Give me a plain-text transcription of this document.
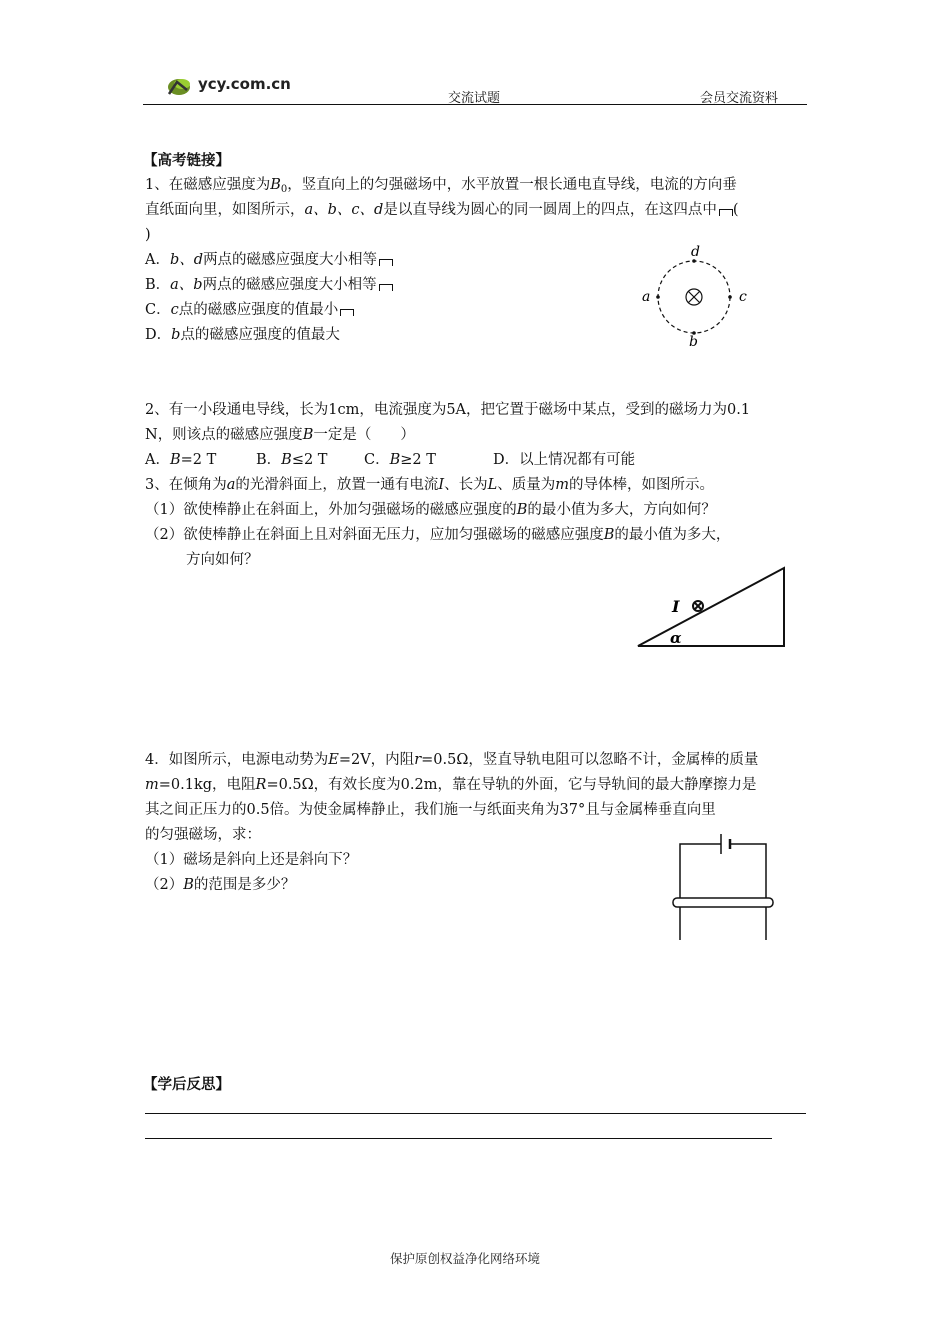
ycy.com.cn
交流试题	会员交流资料
【高考链接】
1、在磁感应强度为$B_0$，竖直向上的匀强磁场中，水平放置一根长通电直导线，电流的方向垂
直纸面向里，如图所示，a、b、c、d是以直导线为圆心的同一圆周上的四点，在这四点中 (
)
A．b、d两点的磁感应强度大小相等
B．a、b两点的磁感应强度大小相等
C．c点的磁感应强度的值最小
D．b点的磁感应强度的值最大
d
b
a	c
2、有一小段通电导线，长为1cm，电流强度为5A，把它置于磁场中某点，受到的磁场力为0.1
N，则该点的磁感应强度B一定是（　　）
A．B=2 T	B．B≤2 T	C．B≥2 T	D．以上情况都有可能
3、在倾角为a的光滑斜面上，放置一通有电流I、长为L、质量为m的导体棒，如图所示。
（1）欲使棒静止在斜面上，外加匀强磁场的磁感应强度的B的最小值为多大，方向如何？
（2）欲使棒静止在斜面上且对斜面无压力，应加匀强磁场的磁感应强度B的最小值为多大，
方向如何？
I
α
4．如图所示，电源电动势为E=2V，内阻r=0.5Ω，竖直导轨电阻可以忽略不计，金属棒的质量
m=0.1kg，电阻R=0.5Ω，有效长度为0.2m，靠在导轨的外面，它与导轨间的最大静摩擦力是
其之间正压力的0.5倍。为使金属棒静止，我们施一与纸面夹角为37°且与金属棒垂直向里
的匀强磁场，求：
（1）磁场是斜向上还是斜向下？
（2）B的范围是多少？
【学后反思】
保护原创权益净化网络环境
